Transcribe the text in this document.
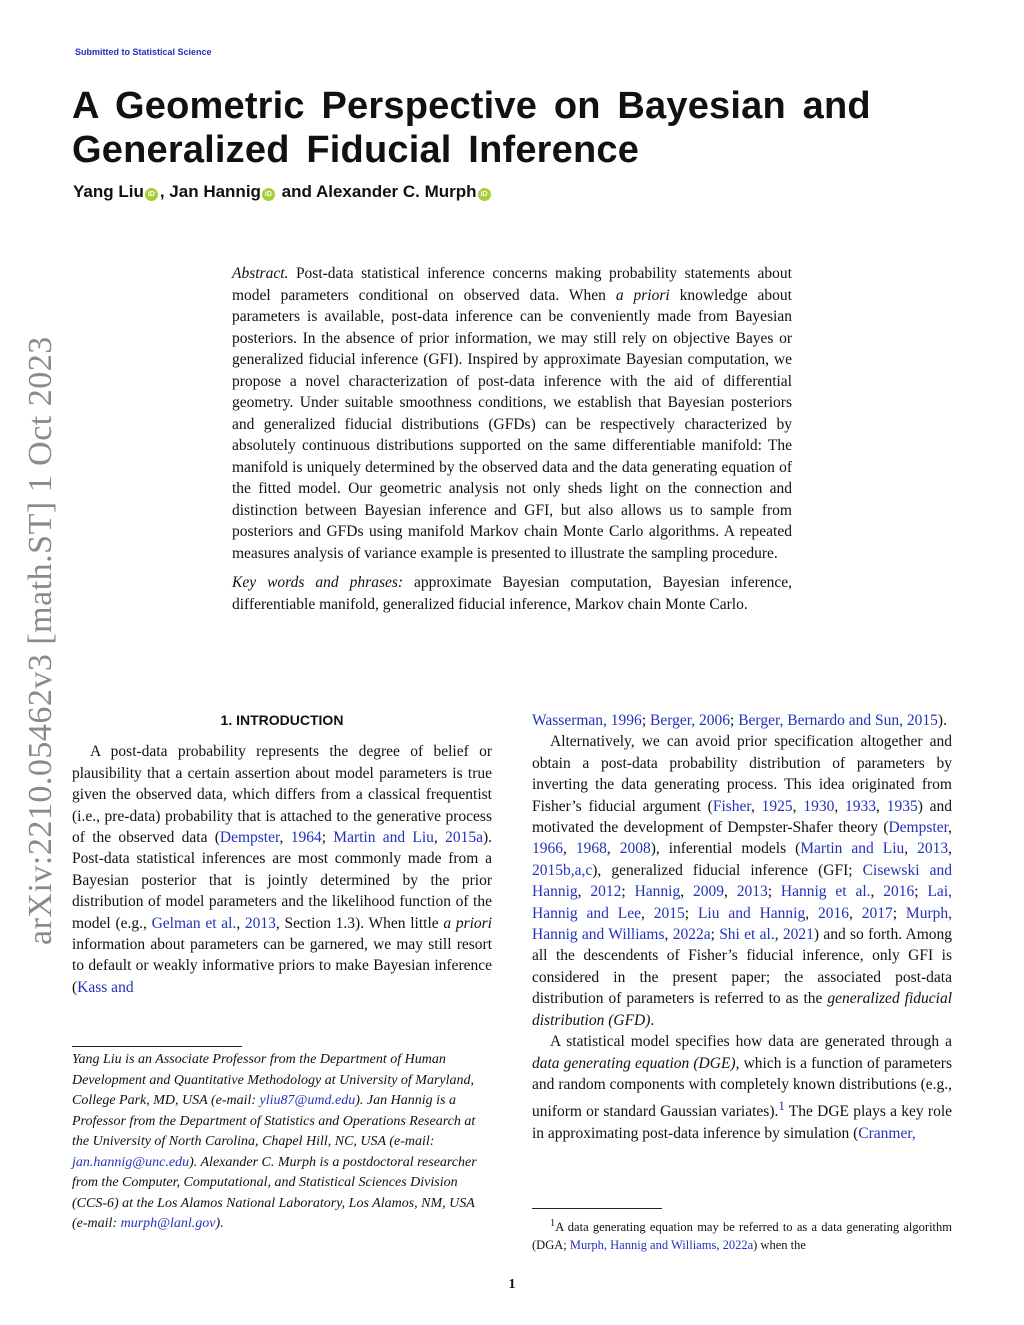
Submitted to Statistical Science
A Geometric Perspective on Bayesian and
Generalized Fiducial Inference
Yang Liu iD , Jan Hannig iD and Alexander C. Murph iD
arXiv:2210.05462v3 [math.ST] 1 Oct 2023

Abstract. Post-data statistical inference concerns making probability statements about model parameters conditional on observed data. When a priori knowledge about parameters is available, post-data inference can be conveniently made from Bayesian posteriors. In the absence of prior information, we may still rely on objective Bayes or generalized fiducial inference (GFI). Inspired by approximate Bayesian computation, we propose a novel characterization of post-data inference with the aid of differential geometry. Under suitable smoothness conditions, we establish that Bayesian posteriors and generalized fiducial distributions (GFDs) can be respectively characterized by absolutely continuous distributions supported on the same differentiable manifold: The manifold is uniquely determined by the observed data and the data generating equation of the fitted model. Our geometric analysis not only sheds light on the connection and distinction between Bayesian inference and GFI, but also allows us to sample from posteriors and GFDs using manifold Markov chain Monte Carlo algorithms. A repeated measures analysis of variance example is presented to illustrate the sampling procedure.

Key words and phrases: approximate Bayesian computation, Bayesian inference, differentiable manifold, generalized fiducial inference, Markov chain Monte Carlo.

1. INTRODUCTION

A post-data probability represents the degree of belief or plausibility that a certain assertion about model parameters is true given the observed data, which differs from a classical frequentist (i.e., pre-data) probability that is attached to the generative process of the observed data (Dempster, 1964; Martin and Liu, 2015a). Post-data statistical inferences are most commonly made from a Bayesian posterior that is jointly determined by the prior distribution of model parameters and the likelihood function of the model (e.g., Gelman et al., 2013, Section 1.3). When little a priori information about parameters can be garnered, we may still resort to default or weakly informative priors to make Bayesian inference (Kass and

Yang Liu is an Associate Professor from the Department of Human Development and Quantitative Methodology at University of Maryland, College Park, MD, USA (e-mail: yliu87@umd.edu). Jan Hannig is a Professor from the Department of Statistics and Operations Research at the University of North Carolina, Chapel Hill, NC, USA (e-mail: jan.hannig@unc.edu). Alexander C. Murph is a postdoctoral researcher from the Computer, Computational, and Statistical Sciences Division (CCS-6) at the Los Alamos National Laboratory, Los Alamos, NM, USA (e-mail: murph@lanl.gov).

Wasserman, 1996; Berger, 2006; Berger, Bernardo and Sun, 2015).

Alternatively, we can avoid prior specification altogether and obtain a post-data probability distribution of parameters by inverting the data generating process. This idea originated from Fisher’s fiducial argument (Fisher, 1925, 1930, 1933, 1935) and motivated the development of Dempster-Shafer theory (Dempster, 1966, 1968, 2008), inferential models (Martin and Liu, 2013, 2015b,a,c), generalized fiducial inference (GFI; Cisewski and Hannig, 2012; Hannig, 2009, 2013; Hannig et al., 2016; Lai, Hannig and Lee, 2015; Liu and Hannig, 2016, 2017; Murph, Hannig and Williams, 2022a; Shi et al., 2021) and so forth. Among all the descendents of Fisher’s fiducial inference, only GFI is considered in the present paper; the associated post-data distribution of parameters is referred to as the generalized fiducial distribution (GFD).

A statistical model specifies how data are generated through a data generating equation (DGE), which is a function of parameters and random components with completely known distributions (e.g., uniform or standard Gaussian variates).$^1$ The DGE plays a key role in approximating post-data inference by simulation (Cranmer,

$^1$A data generating equation may be referred to as a data generating algorithm (DGA; Murph, Hannig and Williams, 2022a) when the
1
